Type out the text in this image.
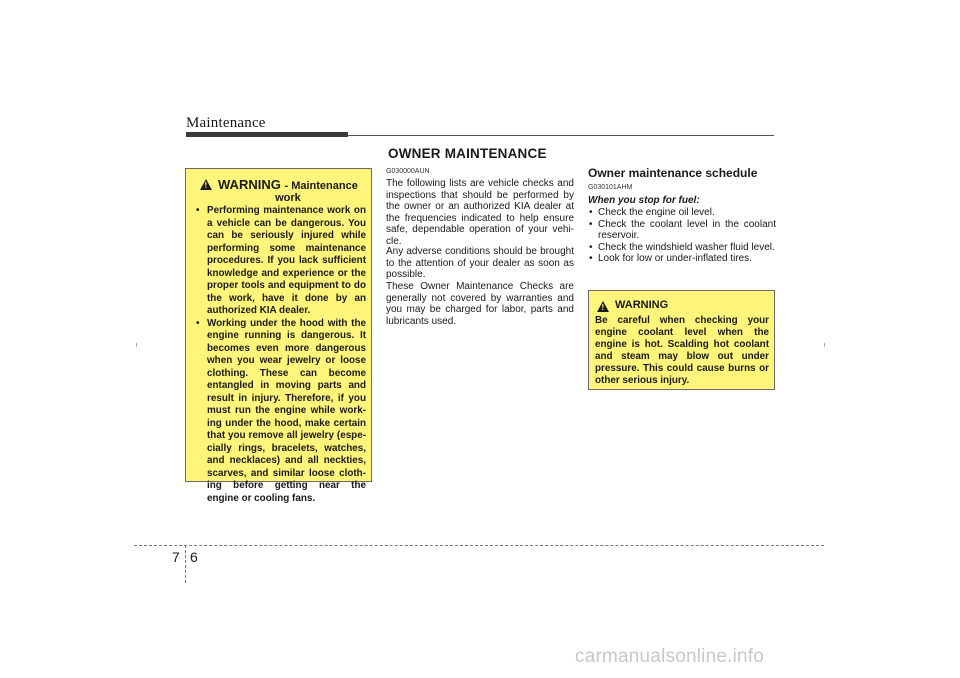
Maintenance
OWNER MAINTENANCE
! WARNING - Maintenance
work
• Performing maintenance work on a vehicle can be dangerous. You can be seriously injured while performing some maintenance procedures. If you lack sufficient knowledge and experience or the proper tools and equipment to do the work, have it done by an authorized KIA dealer.
• Working under the hood with the engine running is dangerous. It becomes even more dangerous when you wear jewelry or loose clothing. These can become entangled in moving parts and result in injury. Therefore, if you must run the engine while work-ing under the hood, make certain that you remove all jewelry (espe-cially rings, bracelets, watches, and necklaces) and all neckties, scarves, and similar loose cloth-ing before getting near the engine or cooling fans.
G030000AUN
The following lists are vehicle checks and inspections that should be performed by the owner or an authorized KIA dealer at the frequencies indicated to help ensure safe, dependable operation of your vehi-cle.
Any adverse conditions should be brought to the attention of your dealer as soon as possible.
These Owner Maintenance Checks are generally not covered by warranties and you may be charged for labor, parts and lubricants used.
Owner maintenance schedule
G030101AHM
When you stop for fuel:
• Check the engine oil level.
• Check the coolant level in the coolant reservoir.
• Check the windshield washer fluid level.
• Look for low or under-inflated tires.
! WARNING
Be careful when checking your engine coolant level when the engine is hot. Scalding hot coolant and steam may blow out under pressure. This could cause burns or other serious injury.
7 6
carmanualsonline.info
